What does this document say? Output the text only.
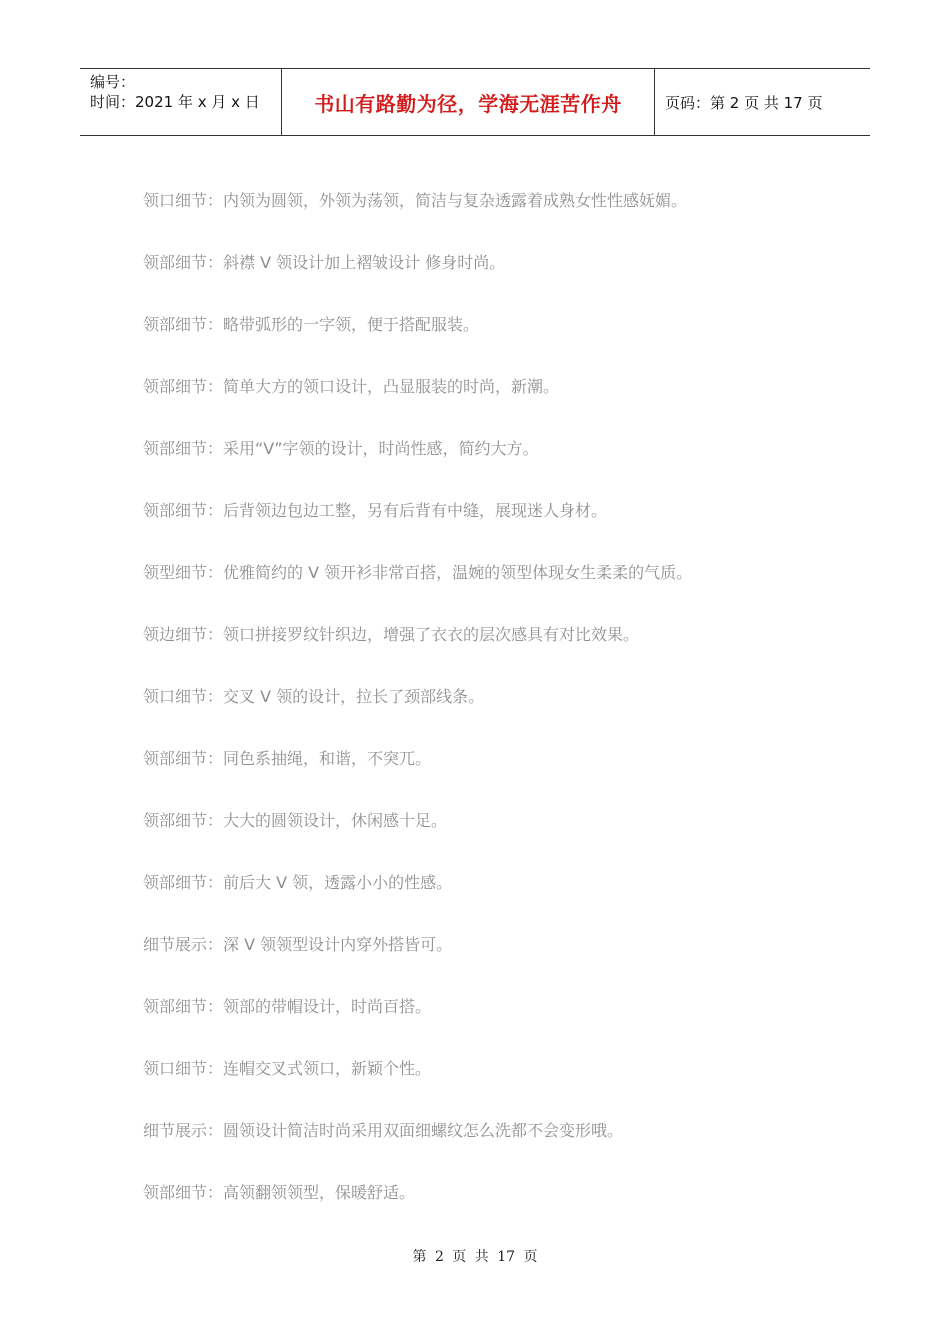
编号：
时间：2021 年 x 月 x 日	书山有路勤为径，学海无涯苦作舟	页码：第 2 页 共 17 页
领口细节：内领为圆领，外领为荡领，简洁与复杂透露着成熟女性性感妩媚。
领部细节：斜襟 V 领设计加上褶皱设计 修身时尚。
领部细节：略带弧形的一字领，便于搭配服装。
领部细节：简单大方的领口设计，凸显服装的时尚，新潮。
领部细节：采用“V”字领的设计，时尚性感，简约大方。
领部细节：后背领边包边工整，另有后背有中缝，展现迷人身材。
领型细节：优雅简约的 V 领开衫非常百搭，温婉的领型体现女生柔柔的气质。
领边细节：领口拼接罗纹针织边，增强了衣衣的层次感具有对比效果。
领口细节：交叉 V 领的设计，拉长了颈部线条。
领部细节：同色系抽绳，和谐，不突兀。
领部细节：大大的圆领设计，休闲感十足。
领部细节：前后大 V 领，透露小小的性感。
细节展示：深 V 领领型设计内穿外搭皆可。
领部细节：领部的带帽设计，时尚百搭。
领口细节：连帽交叉式领口，新颖个性。
细节展示：圆领设计简洁时尚采用双面细螺纹怎么洗都不会变形哦。
领部细节：高领翻领领型，保暖舒适。
第 2 页 共 17 页
